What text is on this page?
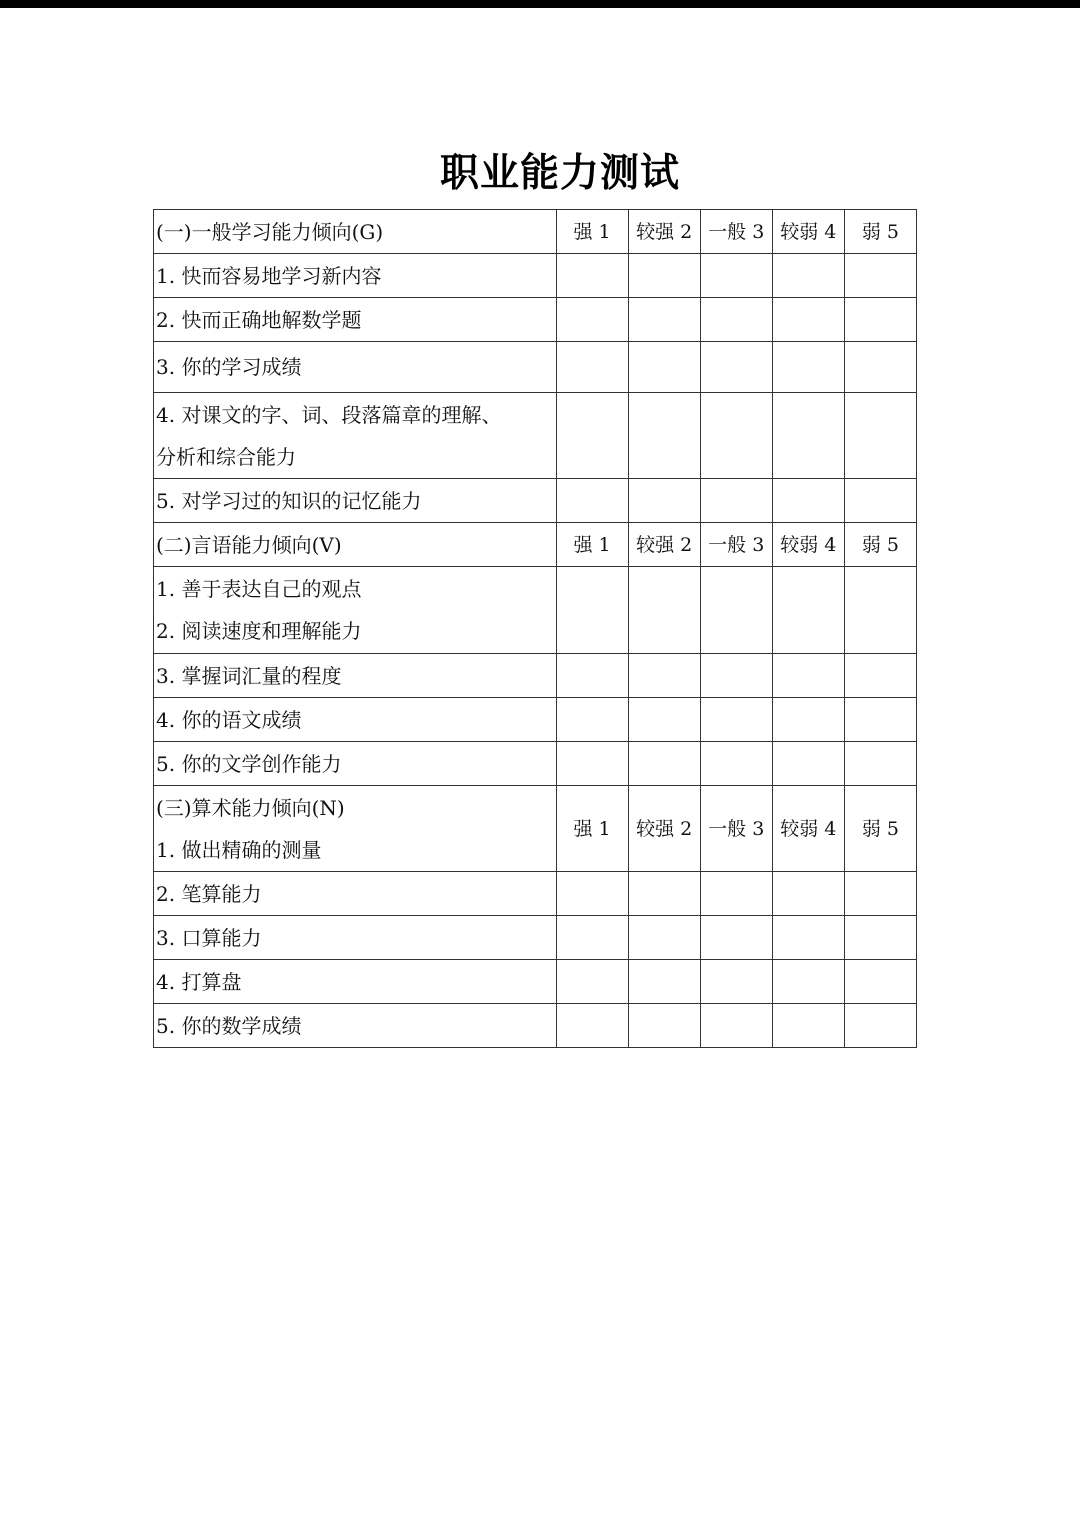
职业能力测试
(一)一般学习能力倾向(G)	强 1	较强 2	一般 3	较弱 4	弱 5
1. 快而容易地学习新内容					
2. 快而正确地解数学题					
3. 你的学习成绩					

4. 对课文的字、词、段落篇章的理解、
分析和综合能力					

5. 对学习过的知识的记忆能力					
(二)言语能力倾向(V)	强 1	较强 2	一般 3	较弱 4	弱 5

1. 善于表达自己的观点
2. 阅读速度和理解能力					

3. 掌握词汇量的程度					
4. 你的语文成绩					
5. 你的文学创作能力					

(三)算术能力倾向(N)
1. 做出精确的测量	强 1	较强 2	一般 3	较弱 4	弱 5
2. 笔算能力					
3. 口算能力					
4. 打算盘					
5. 你的数学成绩					
